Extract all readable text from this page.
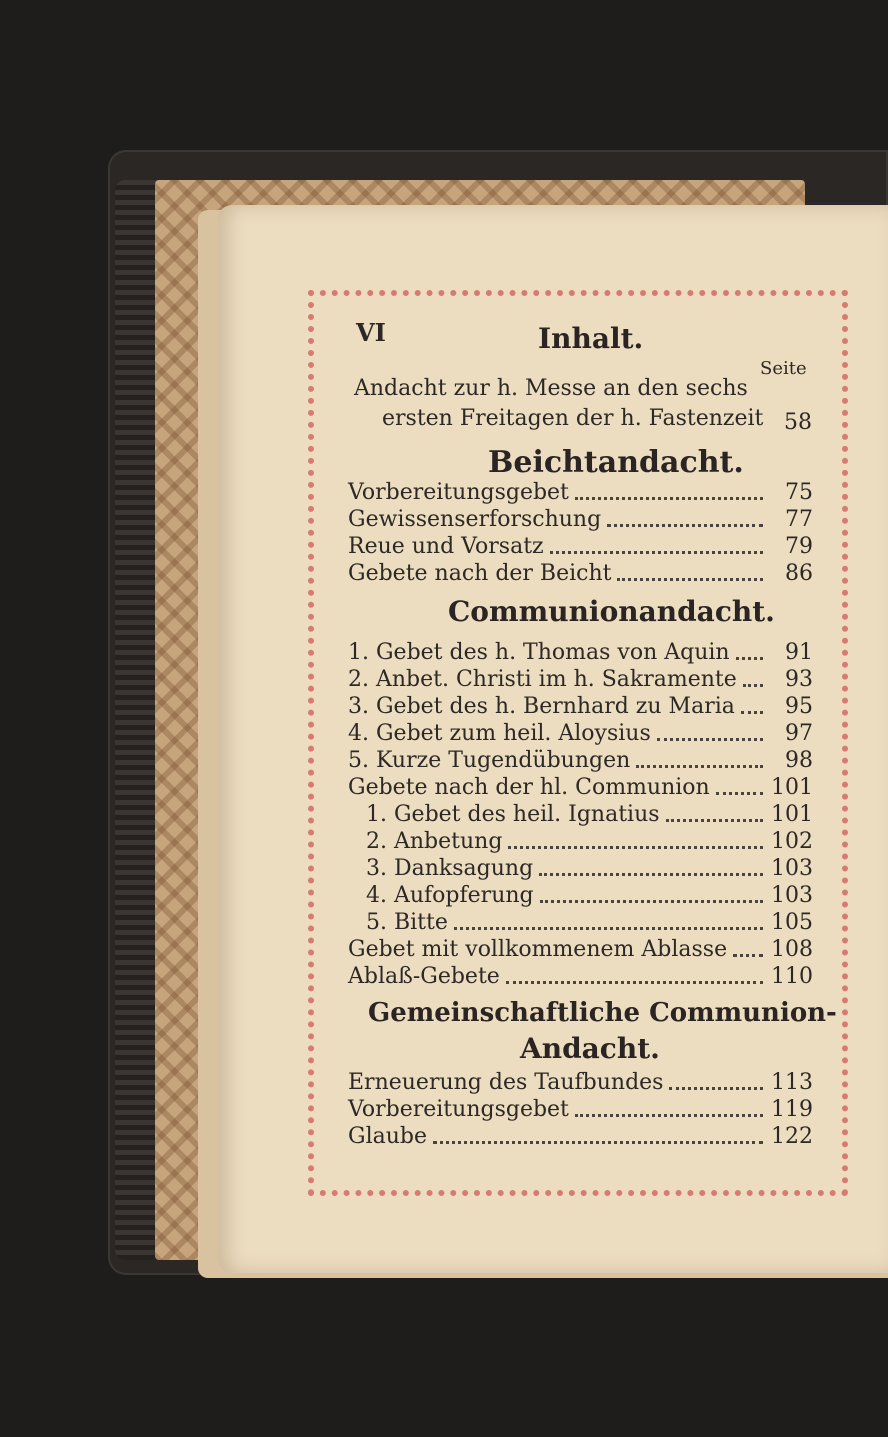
VI	Inhalt.
Seite
Andacht zur h. Messe an den sechs
ersten Freitagen der h. Fastenzeit 58
Beichtandacht.
Vorbereitungsgebet	75
Gewissenserforschung	77
Reue und Vorsatz	79
Gebete nach der Beicht	86
Communionandacht.
1. Gebet des h. Thomas von Aquin	91
2. Anbet. Christi im h. Sakramente	93
3. Gebet des h. Bernhard zu Maria	95
4. Gebet zum heil. Aloysius	97
5. Kurze Tugendübungen	98
Gebete nach der hl. Communion	101
1. Gebet des heil. Ignatius	101
2. Anbetung	102
3. Danksagung	103
4. Aufopferung	103
5. Bitte	105
Gebet mit vollkommenem Ablasse 108
Ablaß-Gebete	110
Gemeinschaftliche Communion-
Andacht.
Erneuerung des Taufbundes	113
Vorbereitungsgebet	119
Glaube	122
